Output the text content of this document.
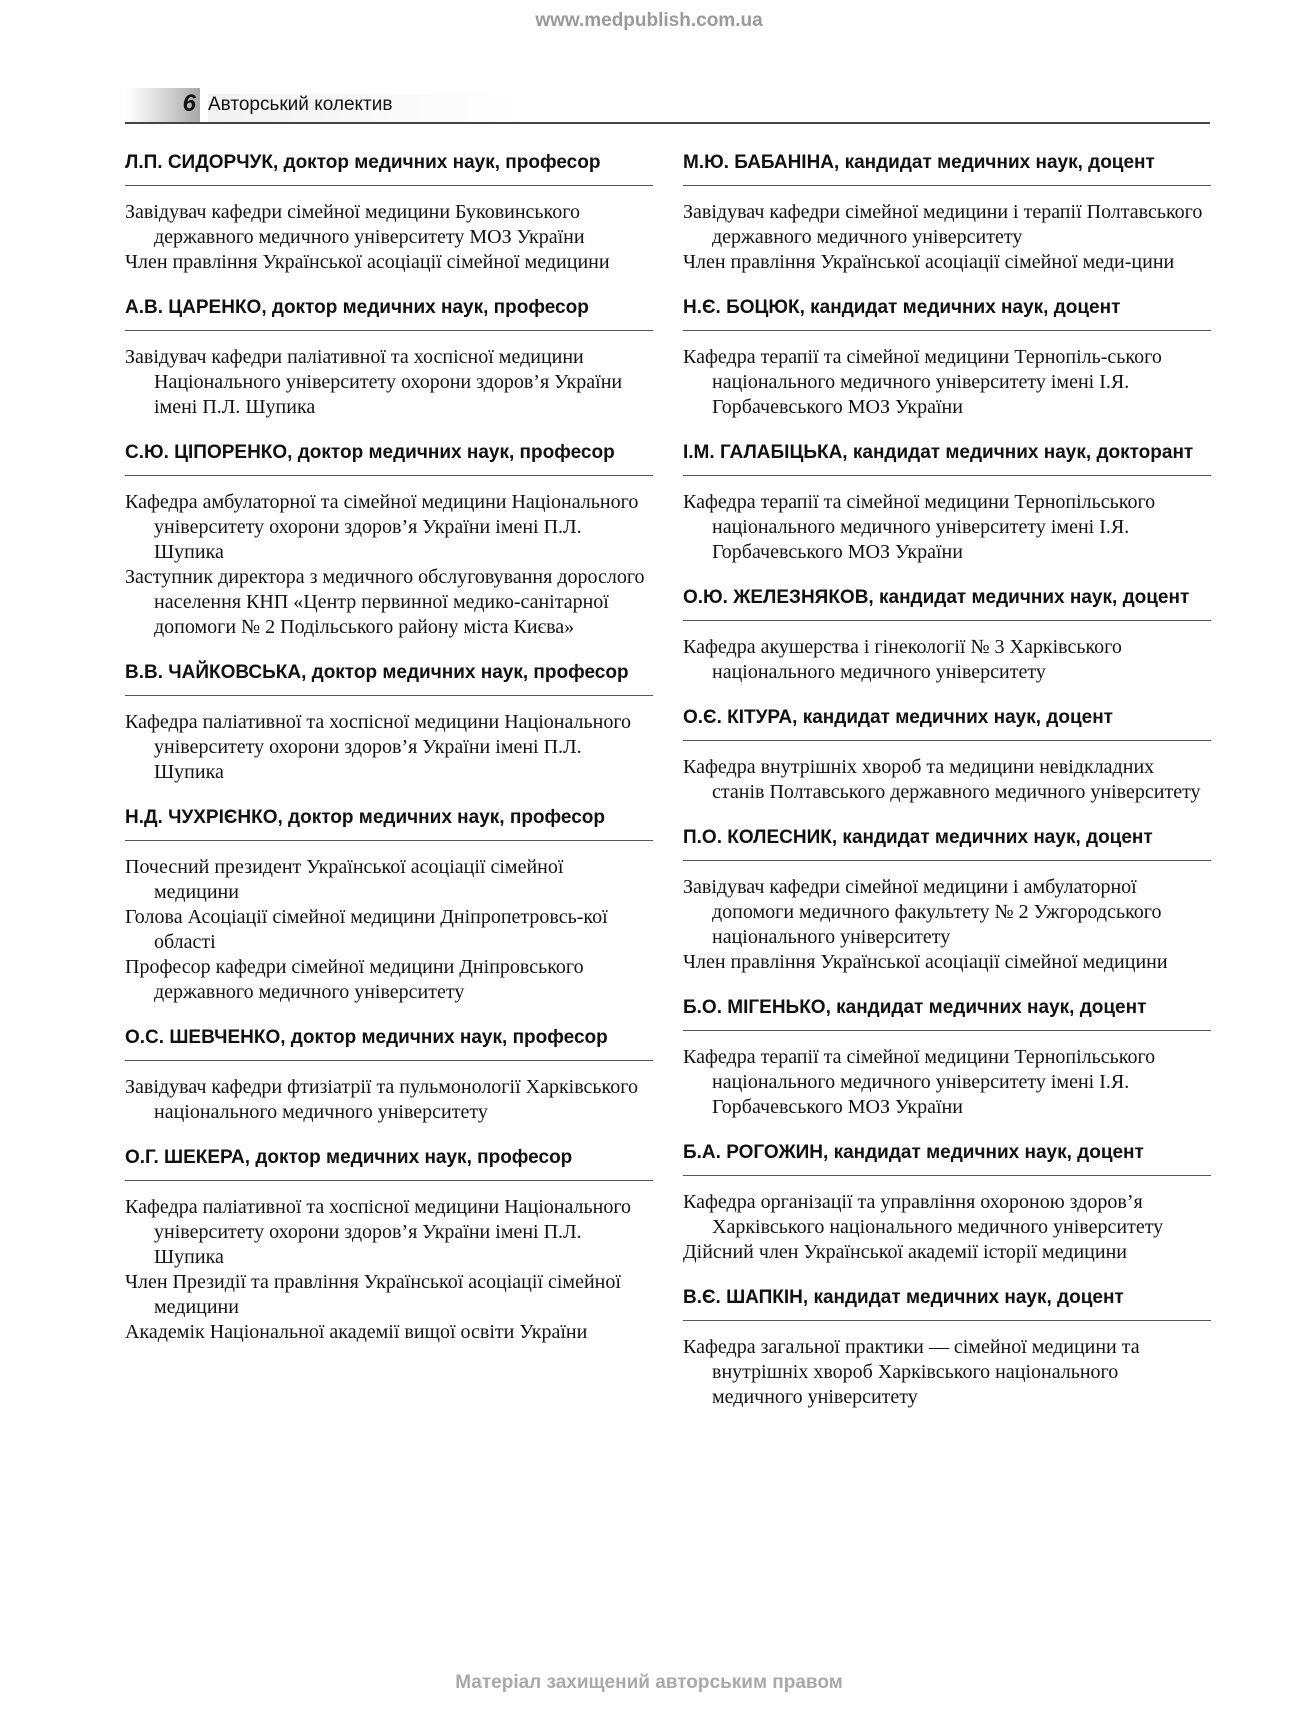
www.medpublish.com.ua
6 Авторський колектив
Л.П. СИДОРЧУК, доктор медичних наук, професор
Завідувач кафедри сімейної медицини Буковинського державного медичного університету МОЗ України
Член правління Української асоціації сімейної медицини
А.В. ЦАРЕНКО, доктор медичних наук, професор
Завідувач кафедри паліативної та хоспісної медицини Національного університету охорони здоров’я України імені П.Л. Шупика
С.Ю. ЦІПОРЕНКО, доктор медичних наук, професор
Кафедра амбулаторної та сімейної медицини Національного університету охорони здоров’я України імені П.Л. Шупика
Заступник директора з медичного обслуговування дорослого населення КНП «Центр первинної медико-санітарної допомоги № 2 Подільського району міста Києва»
В.В. ЧАЙКОВСЬКА, доктор медичних наук, професор
Кафедра паліативної та хоспісної медицини Національного університету охорони здоров’я України імені П.Л. Шупика
Н.Д. ЧУХРІЄНКО, доктор медичних наук, професор
Почесний президент Української асоціації сімейної медицини
Голова Асоціації сімейної медицини Дніпропетровсь-кої області
Професор кафедри сімейної медицини Дніпровського державного медичного університету
О.С. ШЕВЧЕНКО, доктор медичних наук, професор
Завідувач кафедри фтизіатрії та пульмонології Харківського національного медичного університету
О.Г. ШЕКЕРА, доктор медичних наук, професор
Кафедра паліативної та хоспісної медицини Національного університету охорони здоров’я України імені П.Л. Шупика
Член Президії та правління Української асоціації сімейної медицини
Академік Національної академії вищої освіти України
М.Ю. БАБАНІНА, кандидат медичних наук, доцент
Завідувач кафедри сімейної медицини і терапії Полтавського державного медичного університету
Член правління Української асоціації сімейної меди-цини
Н.Є. БОЦЮК, кандидат медичних наук, доцент
Кафедра терапії та сімейної медицини Тернопіль-ського національного медичного університету імені І.Я. Горбачевського МОЗ України
І.М. ГАЛАБІЦЬКА, кандидат медичних наук, докторант
Кафедра терапії та сімейної медицини Тернопільського національного медичного університету імені І.Я. Горбачевського МОЗ України
О.Ю. ЖЕЛЕЗНЯКОВ, кандидат медичних наук, доцент
Кафедра акушерства і гінекології № 3 Харківського національного медичного університету
О.Є. КІТУРА, кандидат медичних наук, доцент
Кафедра внутрішніх хвороб та медицини невідкладних станів Полтавського державного медичного університету
П.О. КОЛЕСНИК, кандидат медичних наук, доцент
Завідувач кафедри сімейної медицини і амбулаторної допомоги медичного факультету № 2 Ужгородського національного університету
Член правління Української асоціації сімейної медицини
Б.О. МІГЕНЬКО, кандидат медичних наук, доцент
Кафедра терапії та сімейної медицини Тернопільського національного медичного університету імені І.Я. Горбачевського МОЗ України
Б.А. РОГОЖИН, кандидат медичних наук, доцент
Кафедра організації та управління охороною здоров’я Харківського національного медичного університету
Дійсний член Української академії історії медицини
В.Є. ШАПКІН, кандидат медичних наук, доцент
Кафедра загальної практики — сімейної медицини та внутрішніх хвороб Харківського національного медичного університету
Матеріал захищений авторським правом
